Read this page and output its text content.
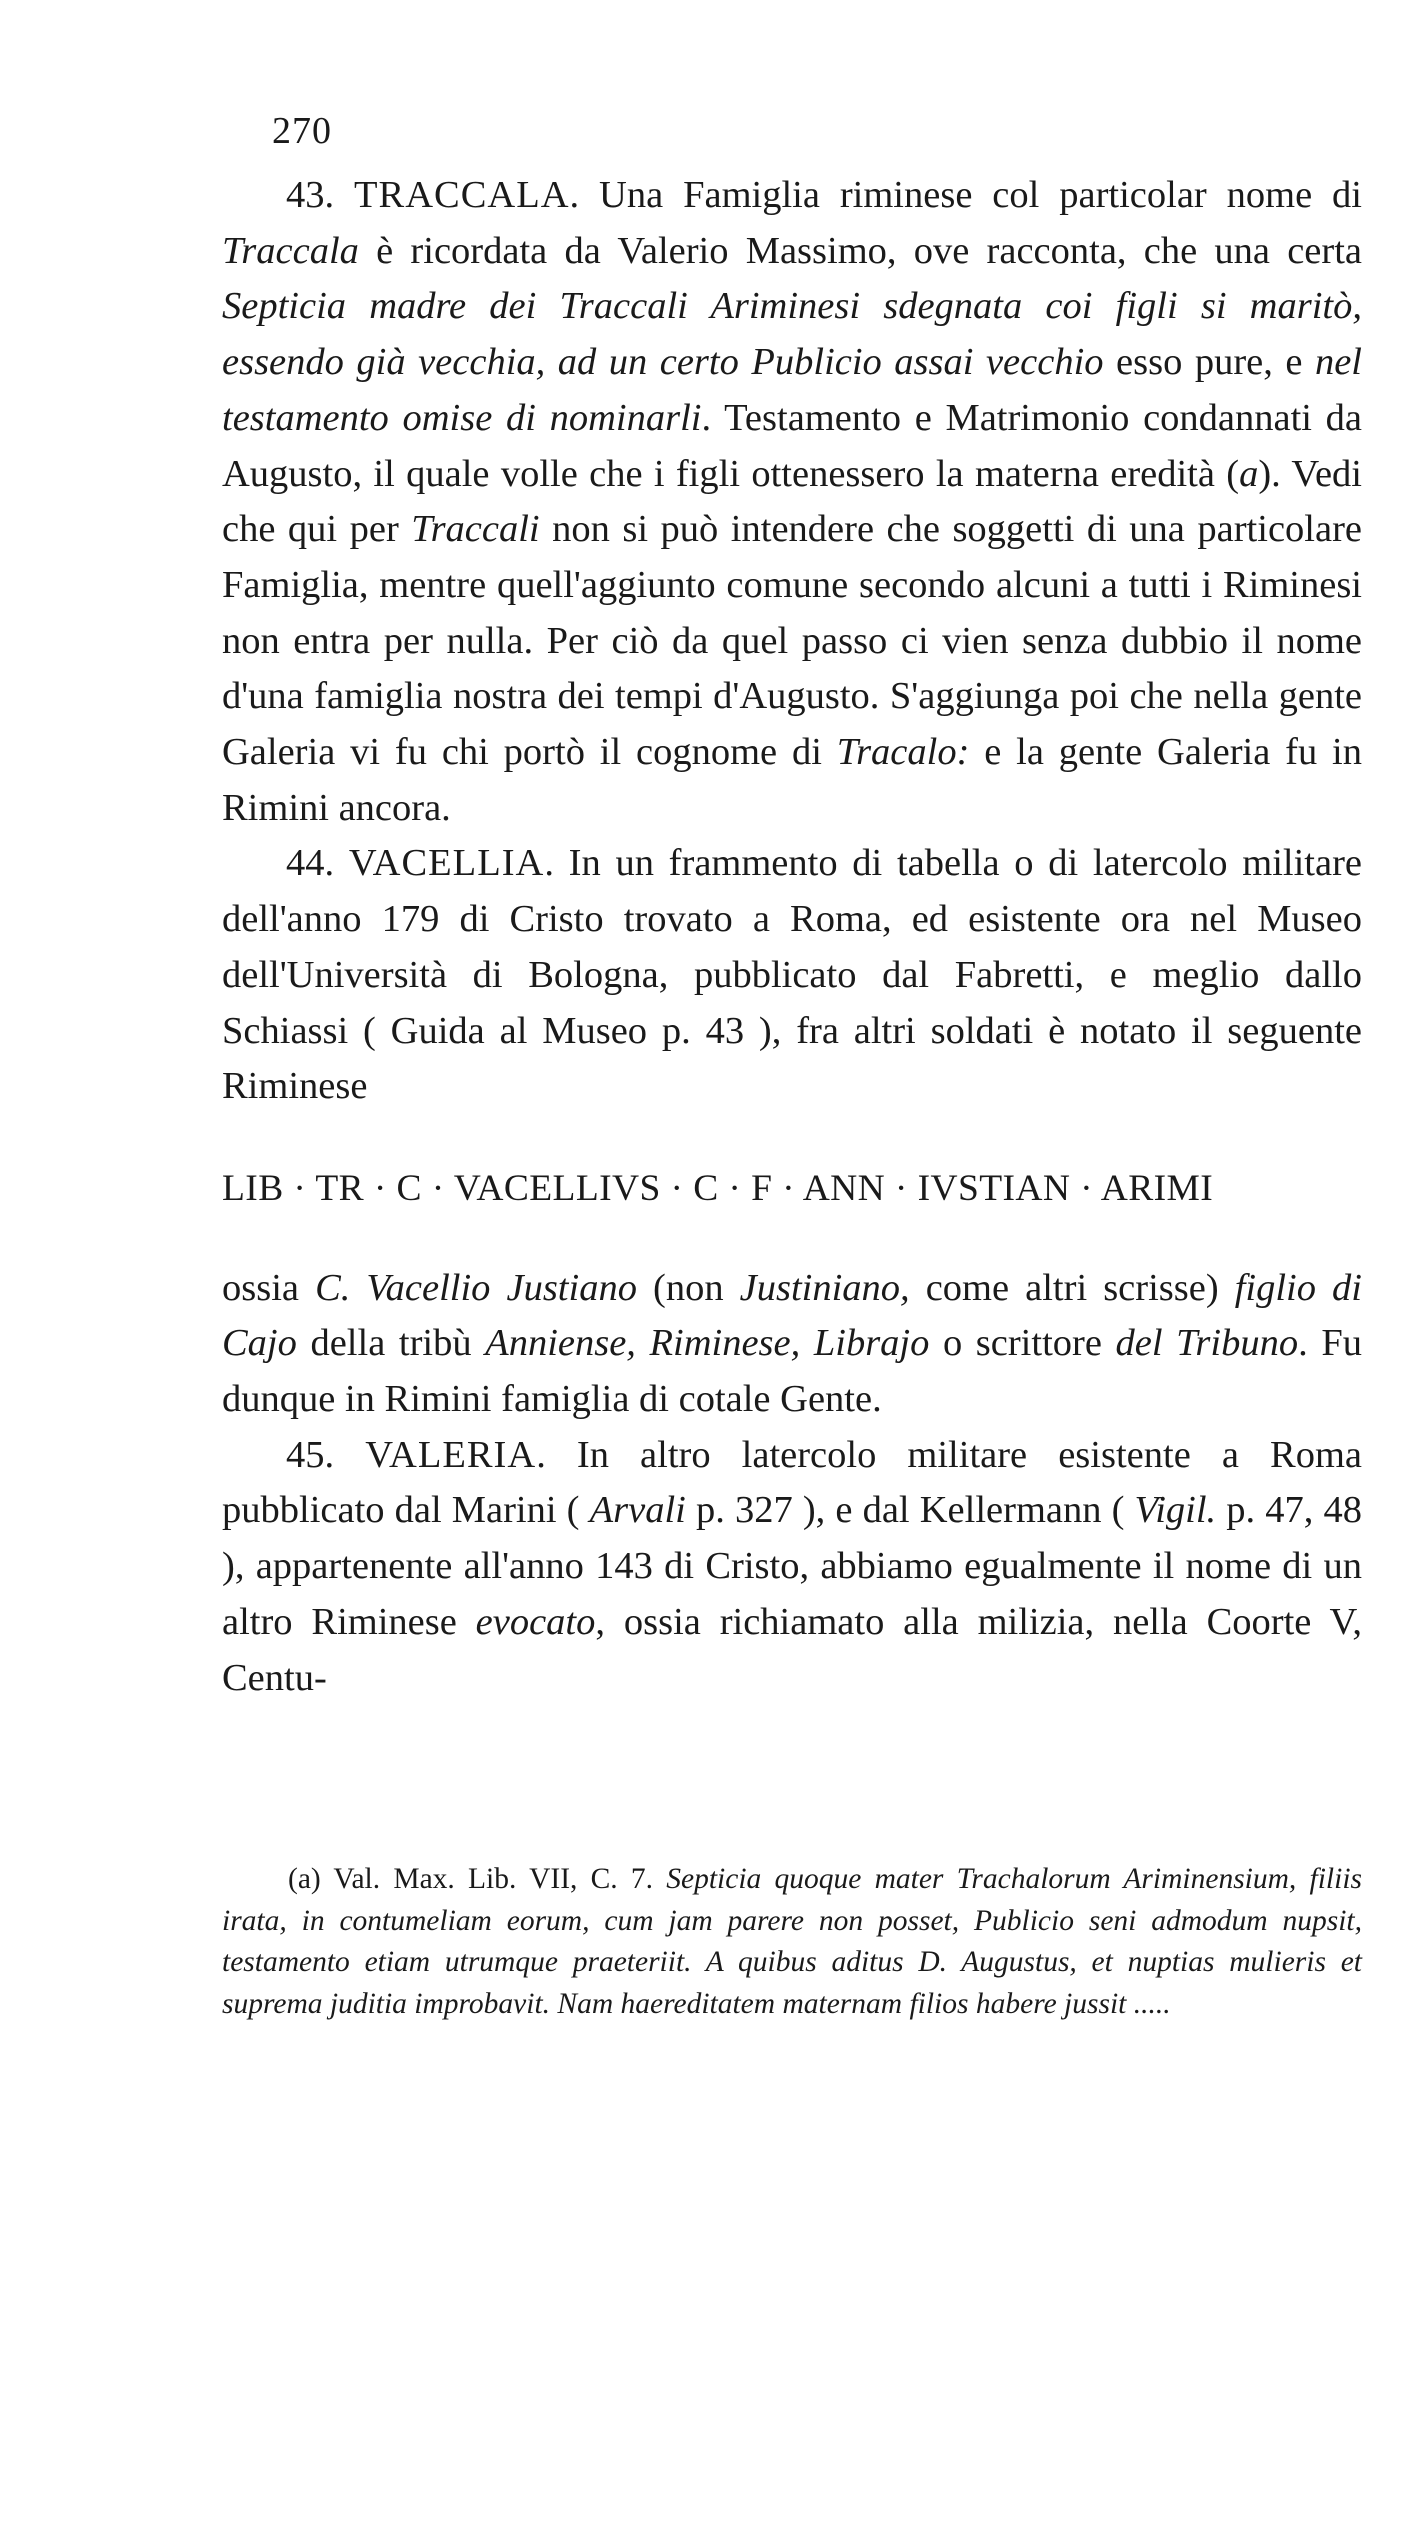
270

43. TRACCALA. Una Famiglia riminese col particolar nome di Traccala è ricordata da Valerio Massimo, ove racconta, che una certa Septicia madre dei Traccali Ariminesi sdegnata coi figli si maritò, essendo già vecchia, ad un certo Publicio assai vecchio esso pure, e nel testamento omise di nominarli. Testamento e Matrimonio condannati da Augusto, il quale volle che i figli ottenessero la materna eredità (a). Vedi che qui per Traccali non si può intendere che soggetti di una particolare Famiglia, mentre quell'aggiunto comune secondo alcuni a tutti i Riminesi non entra per nulla. Per ciò da quel passo ci vien senza dubbio il nome d'una famiglia nostra dei tempi d'Augusto. S'aggiunga poi che nella gente Galeria vi fu chi portò il cognome di Tracalo: e la gente Galeria fu in Rimini ancora.

44. VACELLIA. In un frammento di tabella o di latercolo militare dell'anno 179 di Cristo trovato a Roma, ed esistente ora nel Museo dell'Università di Bologna, pubblicato dal Fabretti, e meglio dallo Schiassi ( Guida al Museo p. 43 ), fra altri soldati è notato il seguente Riminese

LIB · TR · C · VACELLIVS · C · F · ANN · IVSTIAN · ARIMI

ossia C. Vacellio Justiano (non Justiniano, come altri scrisse) figlio di Cajo della tribù Anniense, Riminese, Librajo o scrittore del Tribuno. Fu dunque in Rimini famiglia di cotale Gente.

45. VALERIA. In altro latercolo militare esistente a Roma pubblicato dal Marini ( Arvali p. 327 ), e dal Kellermann ( Vigil. p. 47, 48 ), appartenente all'anno 143 di Cristo, abbiamo egualmente il nome di un altro Riminese evocato, ossia richiamato alla milizia, nella Coorte V, Centu-

(a) Val. Max. Lib. VII, C. 7. Septicia quoque mater Trachalorum Ariminensium, filiis irata, in contumeliam eorum, cum jam parere non posset, Publicio seni admodum nupsit, testamento etiam utrumque praeteriit. A quibus aditus D. Augustus, et nuptias mulieris et suprema juditia improbavit. Nam haereditatem maternam filios habere jussit .....
